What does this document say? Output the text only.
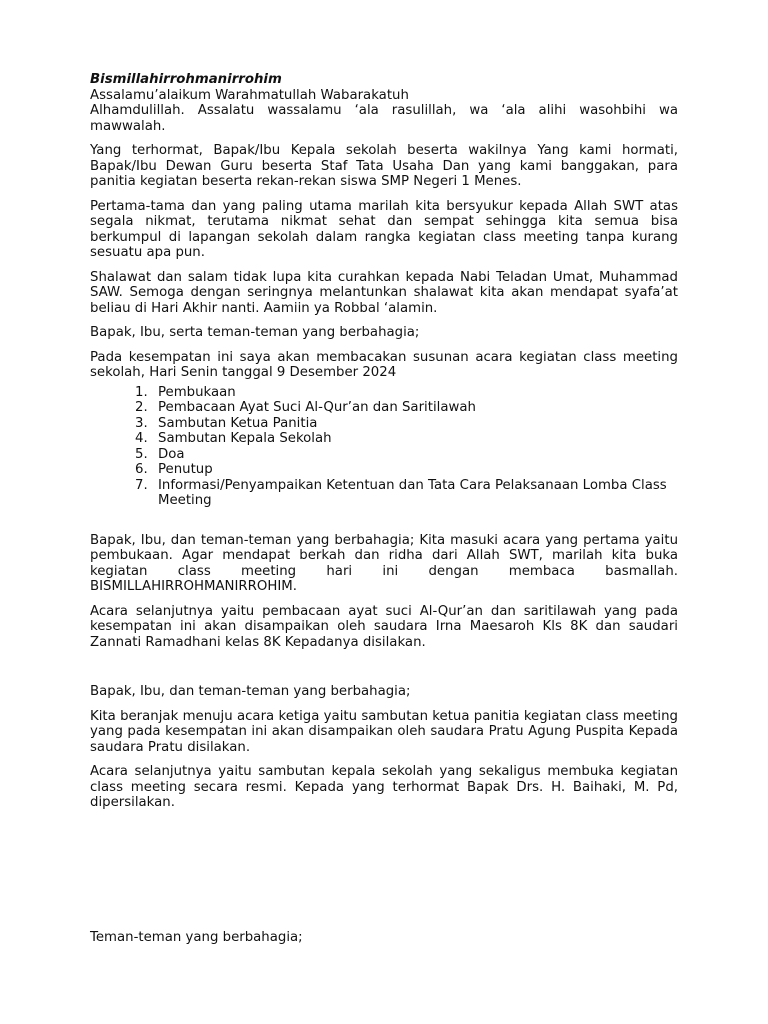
Bismillahirrohmanirrohim

Assalamu’alaikum Warahmatullah Wabarakatuh

Alhamdulillah. Assalatu wassalamu ‘ala rasulillah, wa ‘ala alihi wasohbihi wa mawwalah.

Yang terhormat, Bapak/Ibu Kepala sekolah beserta wakilnya Yang kami hormati, Bapak/Ibu Dewan Guru beserta Staf Tata Usaha Dan yang kami banggakan, para panitia kegiatan beserta rekan-rekan siswa SMP Negeri 1 Menes.

Pertama-tama dan yang paling utama marilah kita bersyukur kepada Allah SWT atas segala nikmat, terutama nikmat sehat dan sempat sehingga kita semua bisa berkumpul di lapangan sekolah dalam rangka kegiatan class meeting tanpa kurang sesuatu apa pun.

Shalawat dan salam tidak lupa kita curahkan kepada Nabi Teladan Umat, Muhammad SAW. Semoga dengan seringnya melantunkan shalawat kita akan mendapat syafa’at beliau di Hari Akhir nanti. Aamiin ya Robbal ‘alamin.

Bapak, Ibu, serta teman-teman yang berbahagia;

Pada kesempatan ini saya akan membacakan susunan acara kegiatan class meeting sekolah, Hari Senin tanggal 9 Desember 2024

1. Pembukaan
2. Pembacaan Ayat Suci Al-Qur’an dan Saritilawah
3. Sambutan Ketua Panitia
4. Sambutan Kepala Sekolah
5. Doa
6. Penutup
7. Informasi/Penyampaikan Ketentuan dan Tata Cara Pelaksanaan Lomba Class Meeting

Bapak, Ibu, dan teman-teman yang berbahagia; Kita masuki acara yang pertama yaitu pembukaan. Agar mendapat berkah dan ridha dari Allah SWT, marilah kita buka kegiatan class meeting hari ini dengan membaca basmallah. BISMILLAHIRROHMANIRROHIM.

Acara selanjutnya yaitu pembacaan ayat suci Al-Qur’an dan saritilawah yang pada kesempatan ini akan disampaikan oleh saudara Irna Maesaroh Kls 8K dan saudari Zannati Ramadhani kelas 8K Kepadanya disilakan.

Bapak, Ibu, dan teman-teman yang berbahagia;

Kita beranjak menuju acara ketiga yaitu sambutan ketua panitia kegiatan class meeting yang pada kesempatan ini akan disampaikan oleh saudara Pratu Agung Puspita Kepada saudara Pratu disilakan.

Acara selanjutnya yaitu sambutan kepala sekolah yang sekaligus membuka kegiatan class meeting secara resmi. Kepada yang terhormat Bapak Drs. H. Baihaki, M. Pd, dipersilakan.

Teman-teman yang berbahagia;
